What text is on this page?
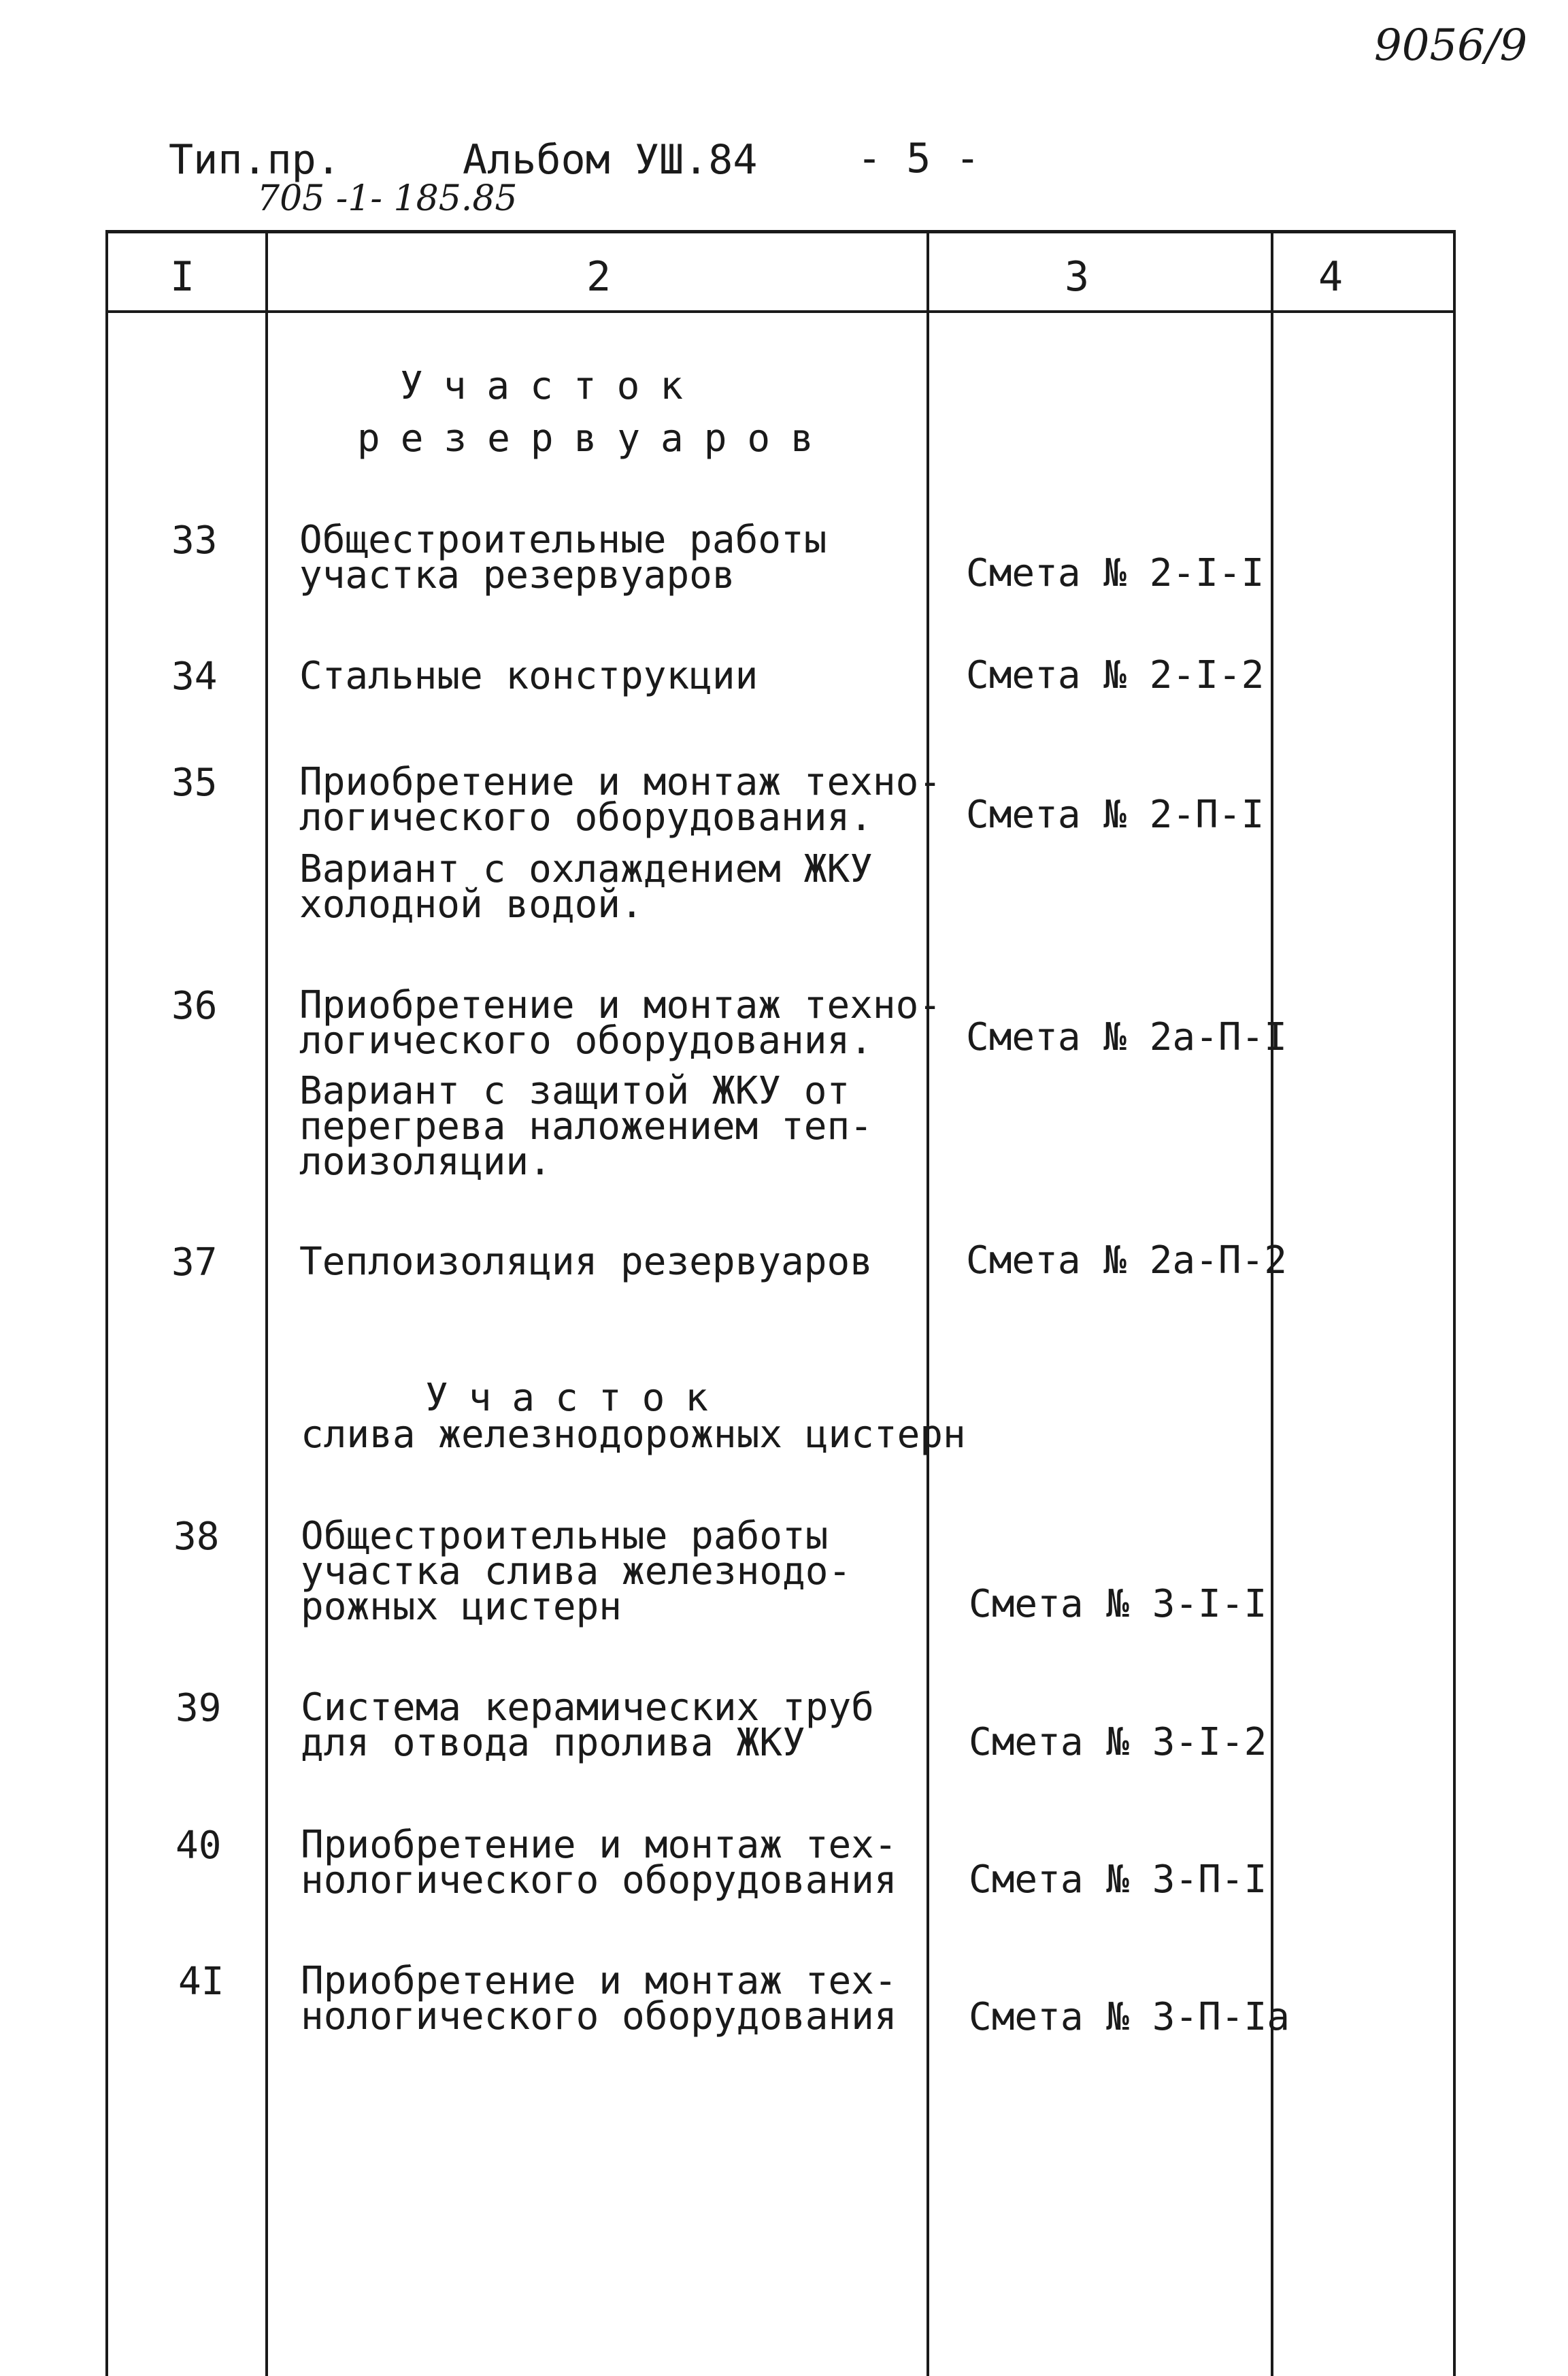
9056/9
Тип.пр.
705 -1- 185.85
Альбом УШ.84 - 5 -
I	2	3	4
Участок
резервуаров
33 Общестроительные работы
участка резервуаров	Смета № 2-I-I
34 Стальные конструкции	Смета № 2-I-2
35 Приобретение и монтаж техно-
логического оборудования.
Вариант с охлаждением ЖКУ
холодной водой.
Смета № 2-П-I
36 Приобретение и монтаж техно-
логического оборудования.
Вариант с защитой ЖКУ от
перегрева наложением теп-
лоизоляции.
Смета № 2а-П-I
37 Теплоизоляция резервуаров Смета № 2а-П-2
Участок
слива железнодорожных цистерн
38 Общестроительные работы
участка слива железнодо-
рожных цистерн	Смета № 3-I-I
39 Система керамических труб
для отвода пролива ЖКУ	Смета № 3-I-2
40 Приобретение и монтаж тех-
нологического оборудования Смета № 3-П-I
4I Приобретение и монтаж тех-
нологического оборудования Смета № 3-П-Iа
